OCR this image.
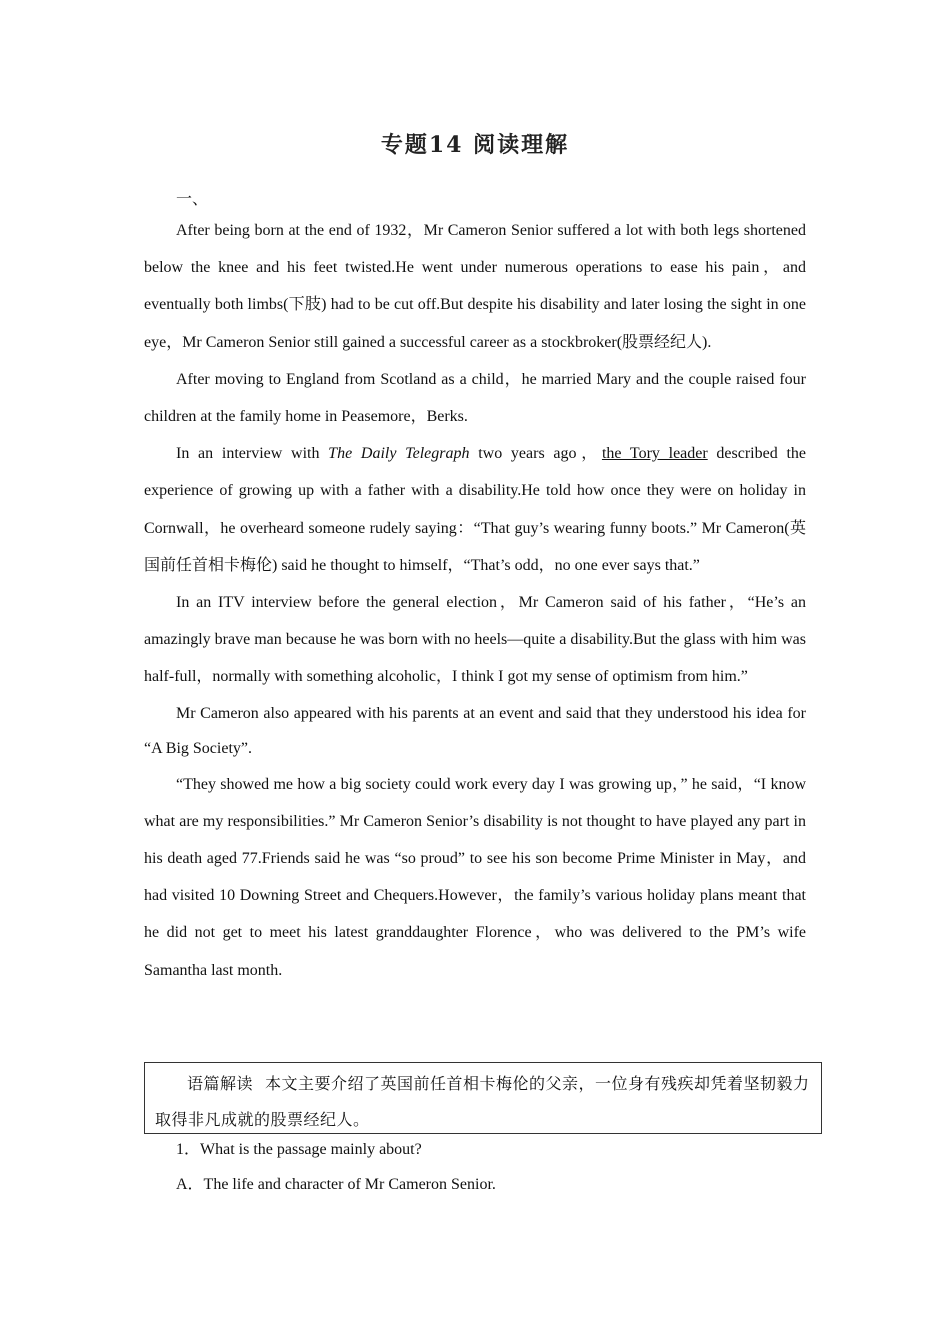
专题14 阅读理解
一、

After being born at the end of 1932，Mr Cameron Senior suffered a lot with both legs shortened below the knee and his feet twisted.He went under numerous operations to ease his pain，and eventually both limbs(下肢) had to be cut off.But despite his disability and later losing the sight in one eye，Mr Cameron Senior still gained a successful career as a stockbroker(股票经纪人).

After moving to England from Scotland as a child，he married Mary and the couple raised four children at the family home in Peasemore，Berks.

In an interview with The Daily Telegraph two years ago，the Tory leader described the experience of growing up with a father with a disability.He told how once they were on holiday in Cornwall，he overheard someone rudely saying：“That guy’s wearing funny boots.” Mr Cameron(英国前任首相卡梅伦) said he thought to himself，“That’s odd，no one ever says that.”

In an ITV interview before the general election，Mr Cameron said of his father，“He’s an amazingly brave man because he was born with no heels—quite a disability.But the glass with him was half-full，normally with something alcoholic，I think I got my sense of optimism from him.”

Mr Cameron also appeared with his parents at an event and said that they understood his idea for “A Big Society”.

“They showed me how a big society could work every day I was growing up，” he said，“I know what are my responsibilities.” Mr Cameron Senior’s disability is not thought to have played any part in his death aged 77.Friends said he was “so proud” to see his son become Prime Minister in May，and had visited 10 Downing Street and Chequers.However，the family’s various holiday plans meant that he did not get to meet his latest granddaughter Florence，who was delivered to the PM’s wife Samantha last month.

语篇解读 本文主要介绍了英国前任首相卡梅伦的父亲，一位身有残疾却凭着坚韧毅力取得非凡成就的股票经纪人。

1．What is the passage mainly about?

A．The life and character of Mr Cameron Senior.
